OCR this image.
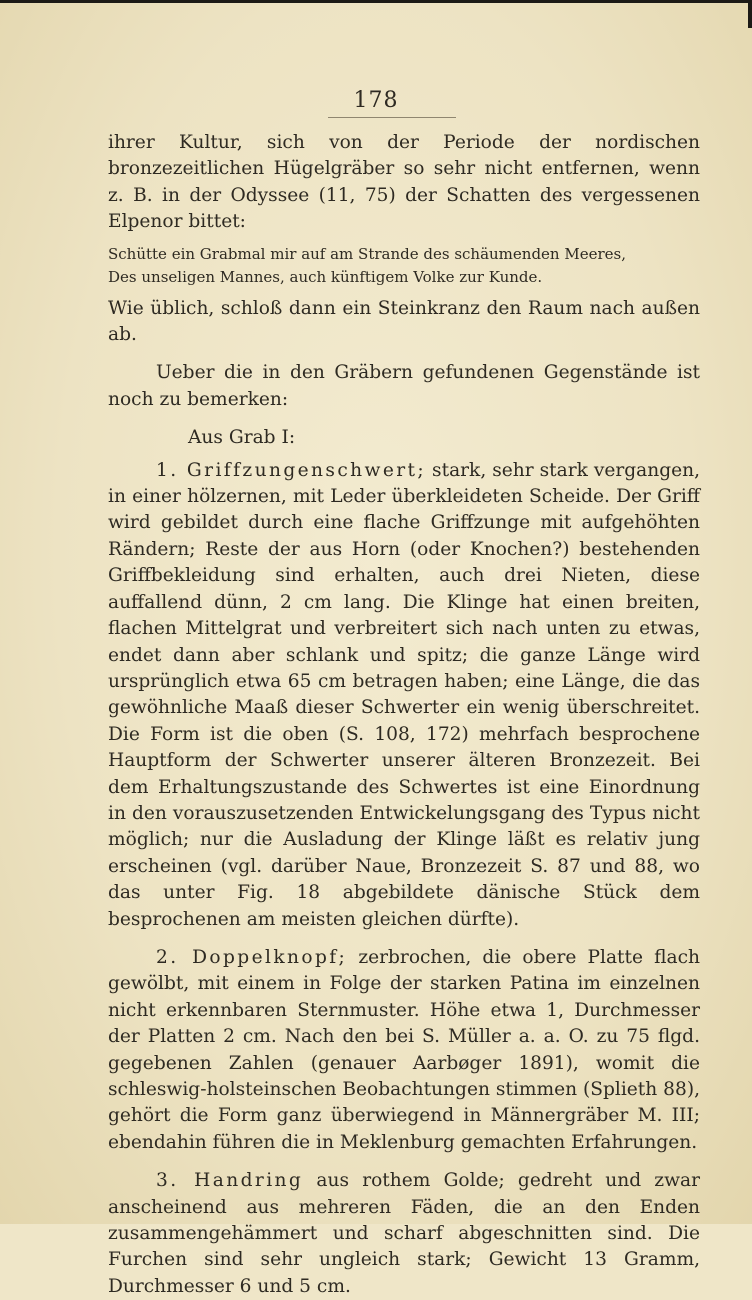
178

ihrer Kultur, sich von der Periode der nordischen bronzezeitlichen Hügelgräber so sehr nicht entfernen, wenn z. B. in der Odyssee (11, 75) der Schatten des vergessenen Elpenor bittet:

Schütte ein Grabmal mir auf am Strande des schäumenden Meeres,

Des unseligen Mannes, auch künftigem Volke zur Kunde.

Wie üblich, schloß dann ein Steinkranz den Raum nach außen ab.

Ueber die in den Gräbern gefundenen Gegenstände ist noch zu bemerken:

Aus Grab I:

1. Griffzungenschwert; stark, sehr stark vergangen, in einer hölzernen, mit Leder überkleideten Scheide. Der Griff wird gebildet durch eine flache Griffzunge mit aufgehöhten Rändern; Reste der aus Horn (oder Knochen?) bestehenden Griffbekleidung sind erhalten, auch drei Nieten, diese auffallend dünn, 2 cm lang. Die Klinge hat einen breiten, flachen Mittelgrat und verbreitert sich nach unten zu etwas, endet dann aber schlank und spitz; die ganze Länge wird ursprünglich etwa 65 cm betragen haben; eine Länge, die das gewöhnliche Maaß dieser Schwerter ein wenig überschreitet. Die Form ist die oben (S. 108, 172) mehrfach besprochene Hauptform der Schwerter unserer älteren Bronzezeit. Bei dem Erhaltungszustande des Schwertes ist eine Einordnung in den vorauszusetzenden Entwickelungsgang des Typus nicht möglich; nur die Ausladung der Klinge läßt es relativ jung erscheinen (vgl. darüber Naue, Bronzezeit S. 87 und 88, wo das unter Fig. 18 abgebildete dänische Stück dem besprochenen am meisten gleichen dürfte).

2. Doppelknopf; zerbrochen, die obere Platte flach gewölbt, mit einem in Folge der starken Patina im einzelnen nicht erkennbaren Sternmuster. Höhe etwa 1, Durchmesser der Platten 2 cm. Nach den bei S. Müller a. a. O. zu 75 flgd. gegebenen Zahlen (genauer Aarbøger 1891), womit die schleswig-holsteinschen Beobachtungen stimmen (Splieth 88), gehört die Form ganz überwiegend in Männergräber M. III; ebendahin führen die in Meklenburg gemachten Erfahrungen.

3. Handring aus rothem Golde; gedreht und zwar anscheinend aus mehreren Fäden, die an den Enden zusammengehämmert und scharf abgeschnitten sind. Die Furchen sind sehr ungleich stark; Gewicht 13 Gramm, Durchmesser 6 und 5 cm.
